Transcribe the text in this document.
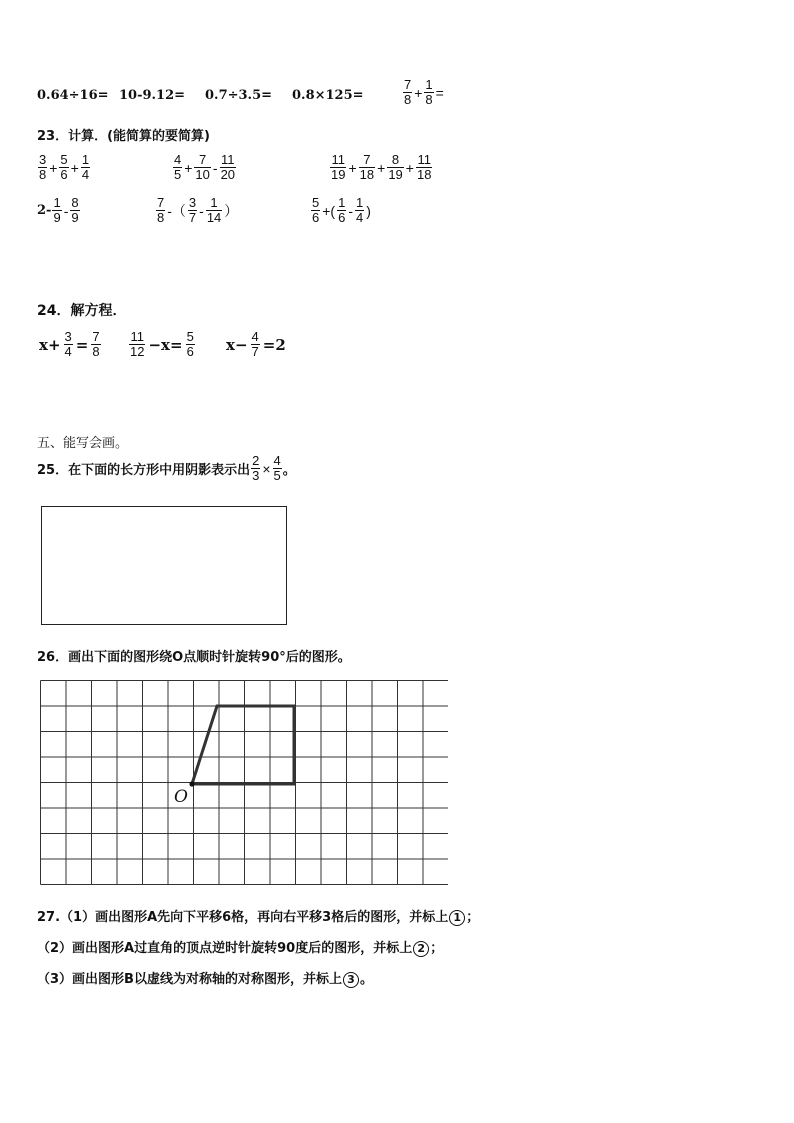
0.64÷16= 10-9.12= 0.7÷3.5= 0.8×125=	$\frac{7}{8} + \frac{1}{8}$ =
23．计算．(能简算的要简算)
$\frac{3}{8} + \frac{5}{6} + \frac{1}{4}$	$\frac{4}{5} + \frac{7}{10} - \frac{11}{20}$	$\frac{11}{19} + \frac{7}{18} + \frac{8}{19} + \frac{11}{18}$
$2- \frac{1}{9} - \frac{8}{9}$	$\frac{7}{8}$ -（ $\frac{3}{7} - \frac{1}{14}$ ）	$\frac{5}{6}$ +( $\frac{1}{6} - \frac{1}{4}$ )
24．解方程．
$x+ \frac{3}{4} = \frac{7}{8} \frac{11}{12} -x= \frac{5}{6} x- \frac{4}{7} =2$
五、能写会画。
25．在下面的长方形中用阴影表示出 $\frac{2}{3} \times \frac{4}{5}$ 。
26．画出下面的图形绕O点顺时针旋转90°后的图形。
O
27.（1）画出图形A先向下平移6格，再向右平移3格后的图形，并标上 1 ；
（2）画出图形A过直角的顶点逆时针旋转90度后的图形，并标上 2 ；
（3）画出图形B以虚线为对称轴的对称图形，并标上 3 。
